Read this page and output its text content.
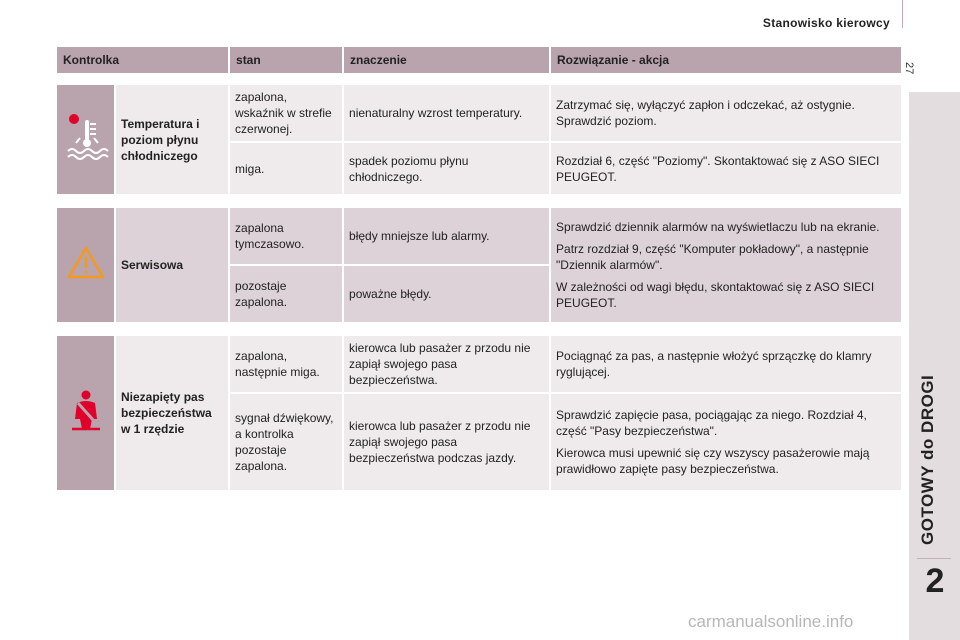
Stanowisko kierowcy
27
GOTOWY do DROGI
2
Kontrolka		stan	znaczenie	Rozwiązanie - akcja

	Temperatura i poziom płynu chłodniczego	zapalona, wskaźnik w strefie czerwonej.	nienaturalny wzrost temperatury.	Zatrzymać się, wyłączyć zapłon i odczekać, aż ostygnie. Sprawdzić poziom.

		miga.	spadek poziomu płynu chłodniczego.	Rozdział 6, część "Poziomy". Skontaktować się z ASO SIECI PEUGEOT.

	Serwisowa	zapalona tymczasowo.	błędy mniejsze lub alarmy.	Sprawdzić dziennik alarmów na wyświetlaczu lub na ekranie.

Patrz rozdział 9, część "Komputer pokładowy", a następnie "Dziennik alarmów".

W zależności od wagi błędu, skontaktować się z ASO SIECI PEUGEOT.

		pozostaje zapalona.	poważne błędy.	

	Niezapięty pas bezpieczeństwa w 1 rzędzie	zapalona, następnie miga.	kierowca lub pasażer z przodu nie zapiął swojego pasa bezpieczeństwa.	Pociągnąć za pas, a następnie włożyć sprzączkę do klamry ryglującej.

		sygnał dźwiękowy, a kontrolka pozostaje zapalona.	kierowca lub pasażer z przodu nie zapiął swojego pasa bezpieczeństwa podczas jazdy.	Sprawdzić zapięcie pasa, pociągając za niego. Rozdział 4, część "Pasy bezpieczeństwa".

Kierowca musi upewnić się czy wszyscy pasażerowie mają prawidłowo zapięte pasy bezpieczeństwa.

carmanualsonline.info
